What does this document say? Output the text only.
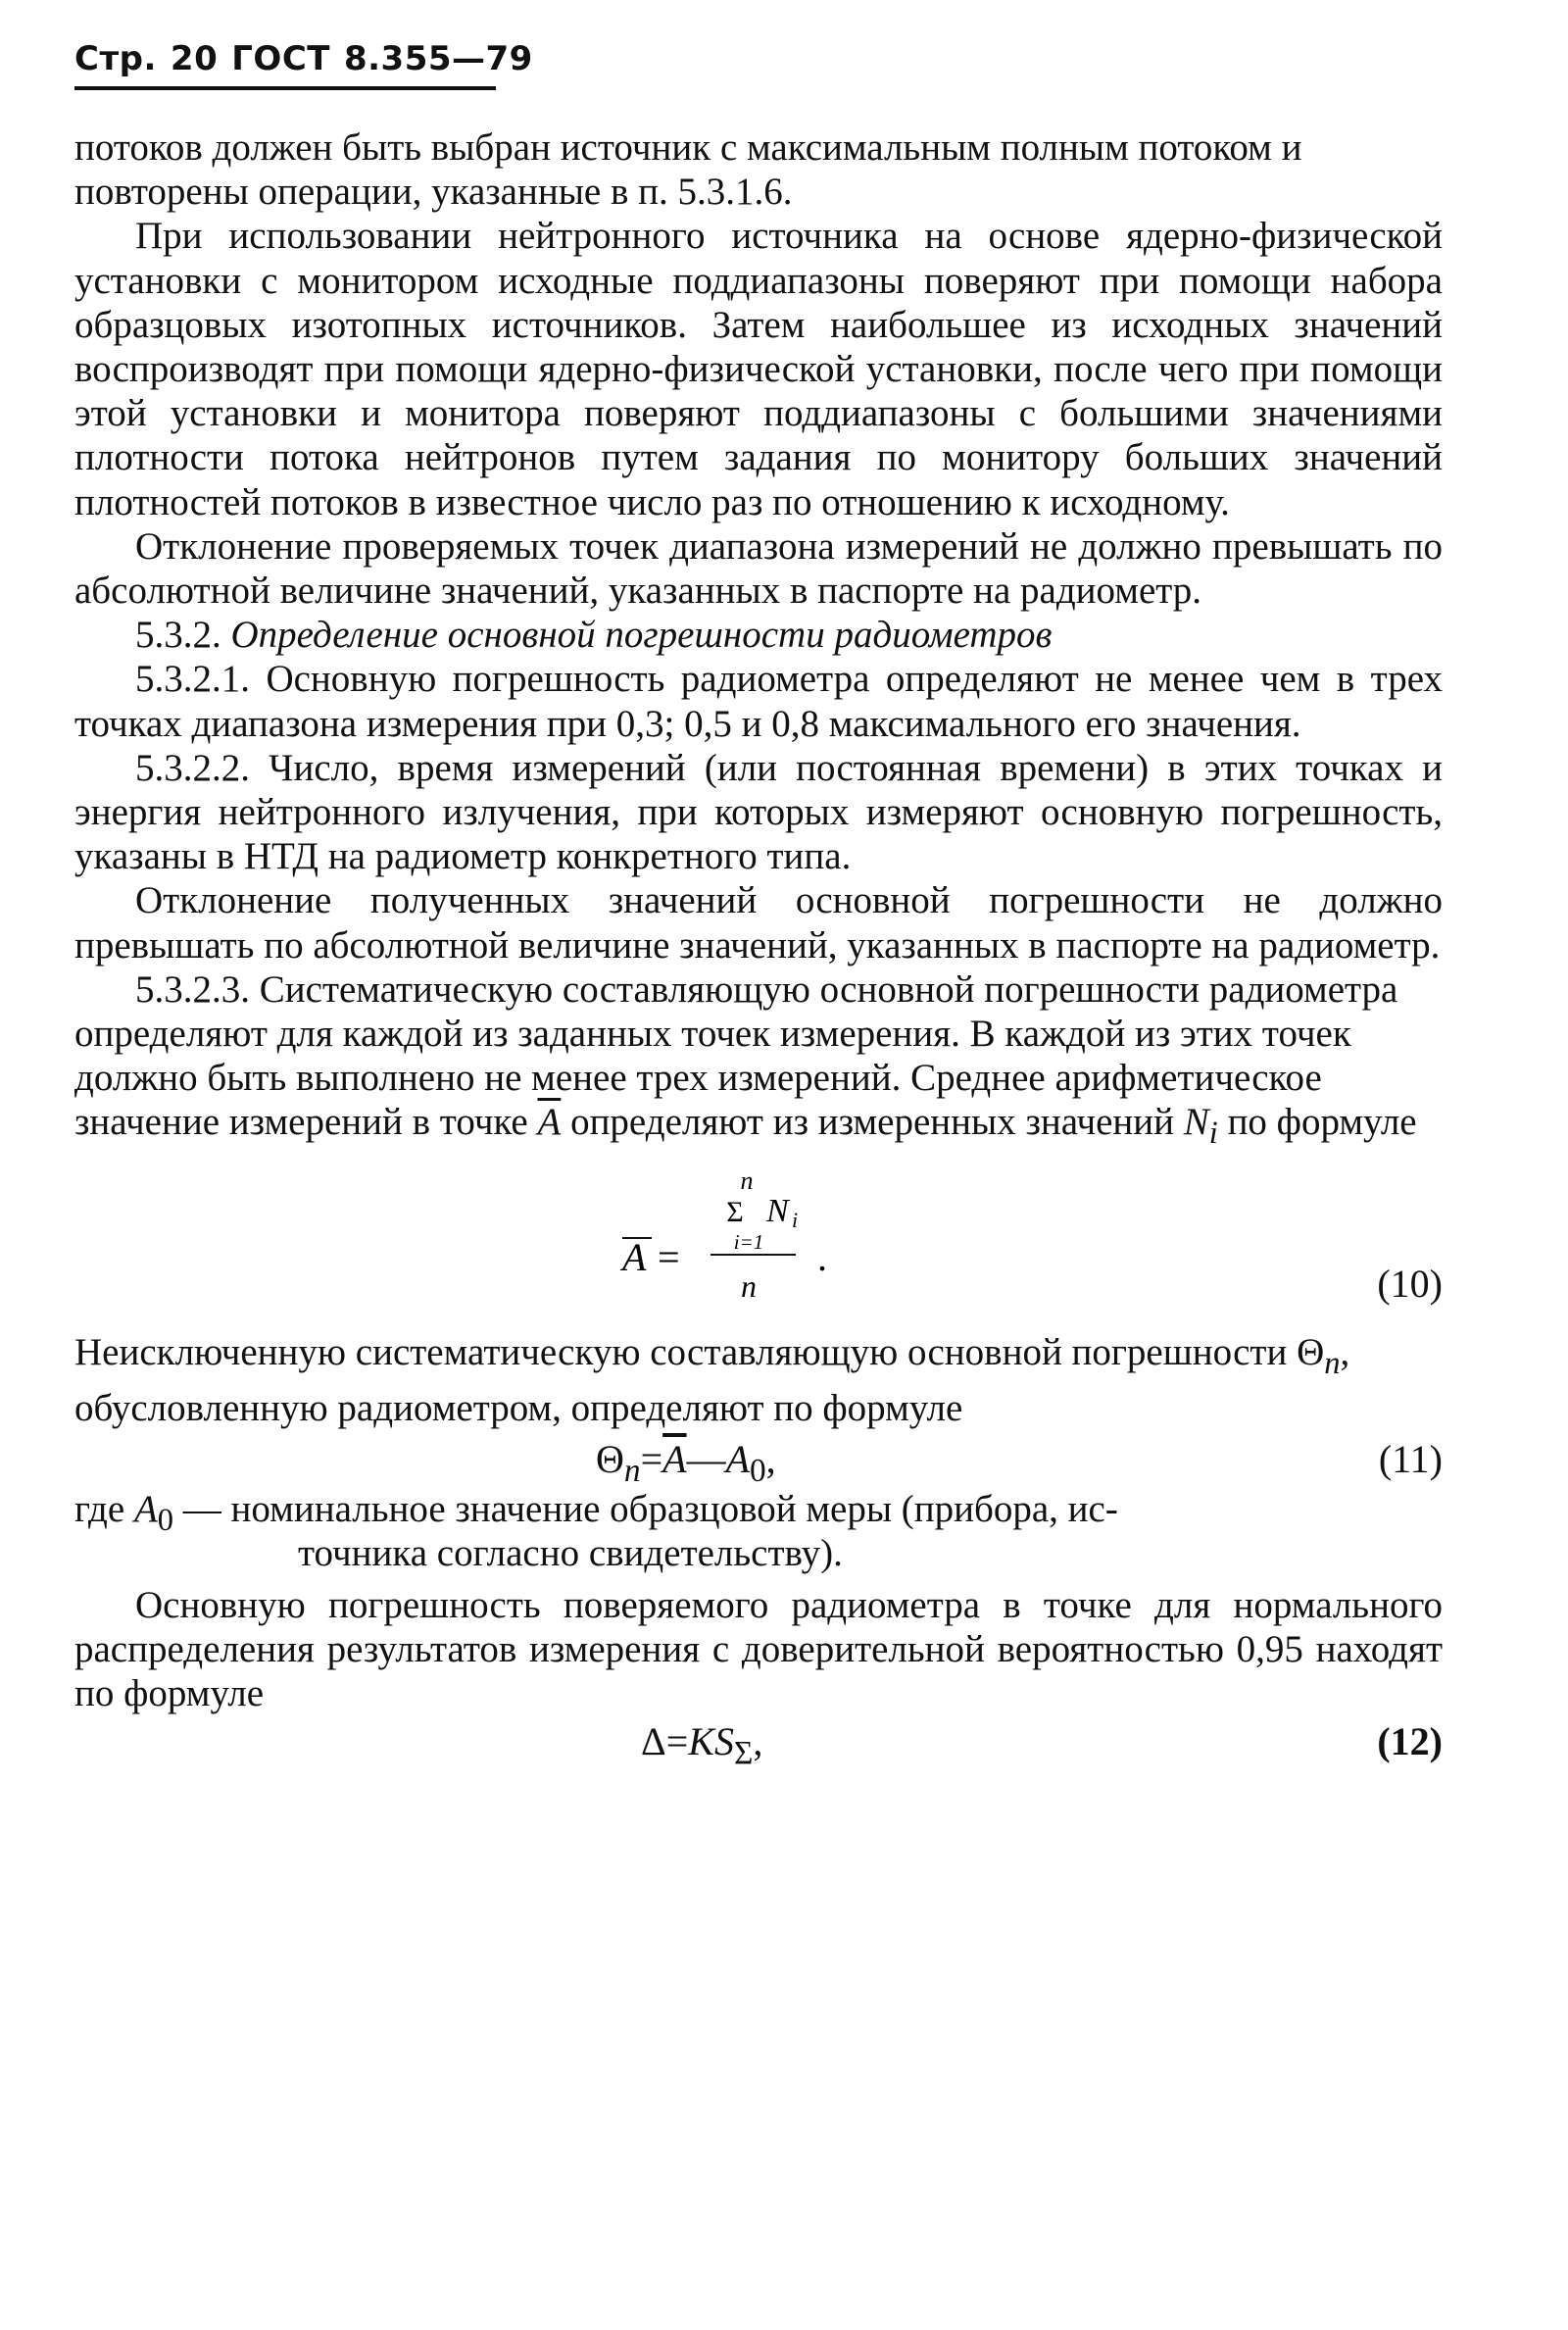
Стр. 20 ГОСТ 8.355—79

потоков должен быть выбран источник с максимальным полным потоком и повторены операции, указанные в п. 5.3.1.6.

При использовании нейтронного источника на основе ядерно-физической установки с монитором исходные поддиапазоны поверяют при помощи набора образцовых изотопных источников. Затем наибольшее из исходных значений воспроизводят при помощи ядерно-физической установки, после чего при помощи этой установки и монитора поверяют поддиапазоны с большими значениями плотности потока нейтронов путем задания по монитору больших значений плотностей потоков в известное число раз по отношению к исходному.

Отклонение проверяемых точек диапазона измерений не должно превышать по абсолютной величине значений, указанных в паспорте на радиометр.

5.3.2. Определение основной погрешности радиометров

5.3.2.1. Основную погрешность радиометра определяют не менее чем в трех точках диапазона измерения при 0,3; 0,5 и 0,8 максимального его значения.

5.3.2.2. Число, время измерений (или постоянная времени) в этих точках и энергия нейтронного излучения, при которых измеряют основную погрешность, указаны в НТД на радиометр конкретного типа.

Отклонение полученных значений основной погрешности не должно превышать по абсолютной величине значений, указанных в паспорте на радиометр.

5.3.2.3. Систематическую составляющую основной погрешности радиометра определяют для каждой из заданных точек измерения. В каждой из этих точек должно быть выполнено не менее трех измерений. Среднее арифметическое значение измерений в точке $\overline{A}$ определяют из измеренных значений $N_i$ по формуле

n
Σ N i
i=1
n
A =	.
(10)

Неисключенную систематическую составляющую основной погрешности $\Theta_n$, обусловленную радиометром, определяют по формуле

$\Theta_n=\overline{A}—A_0$,	(11)
где $A_0$ — номинальное значение образцовой меры (прибора, ис-
точника согласно свидетельству).

Основную погрешность поверяемого радиометра в точке для нормального распределения результатов измерения с доверительной вероятностью 0,95 находят по формуле

$\Delta=KS_\Sigma$,	(12)
